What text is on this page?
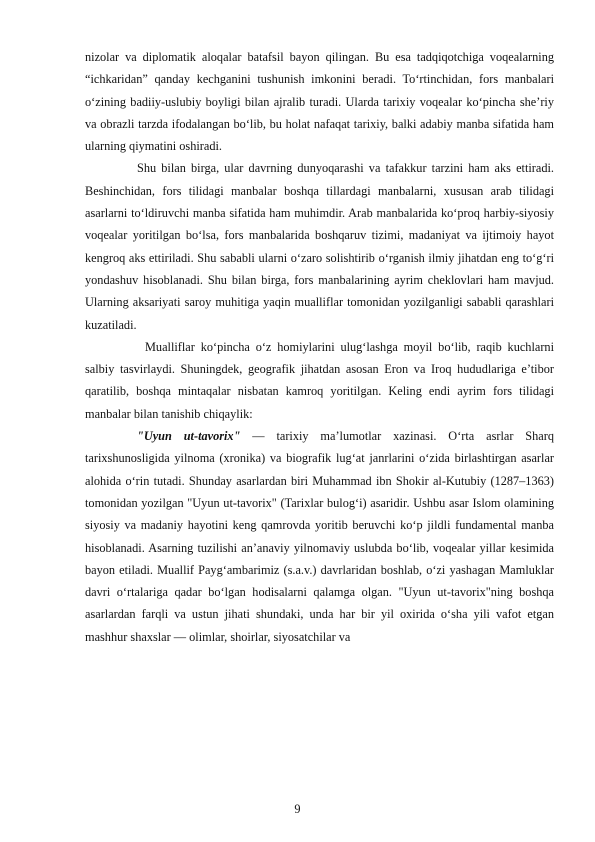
nizolar va diplomatik aloqalar batafsil bayon qilingan. Bu esa tadqiqotchiga voqealarning “ichkaridan” qanday kechganini tushunish imkonini beradi. To‘rtinchidan, fors manbalari o‘zining badiiy-uslubiy boyligi bilan ajralib turadi. Ularda tarixiy voqealar ko‘pincha she’riy va obrazli tarzda ifodalangan bo‘lib, bu holat nafaqat tarixiy, balki adabiy manba sifatida ham ularning qiymatini oshiradi.

Shu bilan birga, ular davrning dunyoqarashi va tafakkur tarzini ham aks ettiradi. Beshinchidan, fors tilidagi manbalar boshqa tillardagi manbalarni, xususan arab tilidagi asarlarni to‘ldiruvchi manba sifatida ham muhimdir. Arab manbalarida ko‘proq harbiy-siyosiy voqealar yoritilgan bo‘lsa, fors manbalarida boshqaruv tizimi, madaniyat va ijtimoiy hayot kengroq aks ettiriladi. Shu sababli ularni o‘zaro solishtirib o‘rganish ilmiy jihatdan eng to‘g‘ri yondashuv hisoblanadi. Shu bilan birga, fors manbalarining ayrim cheklovlari ham mavjud. Ularning aksariyati saroy muhitiga yaqin mualliflar tomonidan yozilganligi sababli qarashlari kuzatiladi.

Mualliflar ko‘pincha o‘z homiylarini ulug‘lashga moyil bo‘lib, raqib kuchlarni salbiy tasvirlaydi. Shuningdek, geografik jihatdan asosan Eron va Iroq hududlariga e’tibor qaratilib, boshqa mintaqalar nisbatan kamroq yoritilgan. Keling endi ayrim fors tilidagi manbalar bilan tanishib chiqaylik:

"Uyun ut-tavorix" — tarixiy ma’lumotlar xazinasi. O‘rta asrlar Sharq tarixshunosligida yilnoma (xronika) va biografik lug‘at janrlarini o‘zida birlashtirgan asarlar alohida o‘rin tutadi. Shunday asarlardan biri Muhammad ibn Shokir al-Kutubiy (1287–1363) tomonidan yozilgan "Uyun ut-tavorix" (Tarixlar bulog‘i) asaridir. Ushbu asar Islom olamining siyosiy va madaniy hayotini keng qamrovda yoritib beruvchi ko‘p jildli fundamental manba hisoblanadi. Asarning tuzilishi an’anaviy yilnomaviy uslubda bo‘lib, voqealar yillar kesimida bayon etiladi. Muallif Payg‘ambarimiz (s.a.v.) davrlaridan boshlab, o‘zi yashagan Mamluklar davri o‘rtalariga qadar bo‘lgan hodisalarni qalamga olgan. "Uyun ut-tavorix"ning boshqa asarlardan farqli va ustun jihati shundaki, unda har bir yil oxirida o‘sha yili vafot etgan mashhur shaxslar — olimlar, shoirlar, siyosatchilar va

9
